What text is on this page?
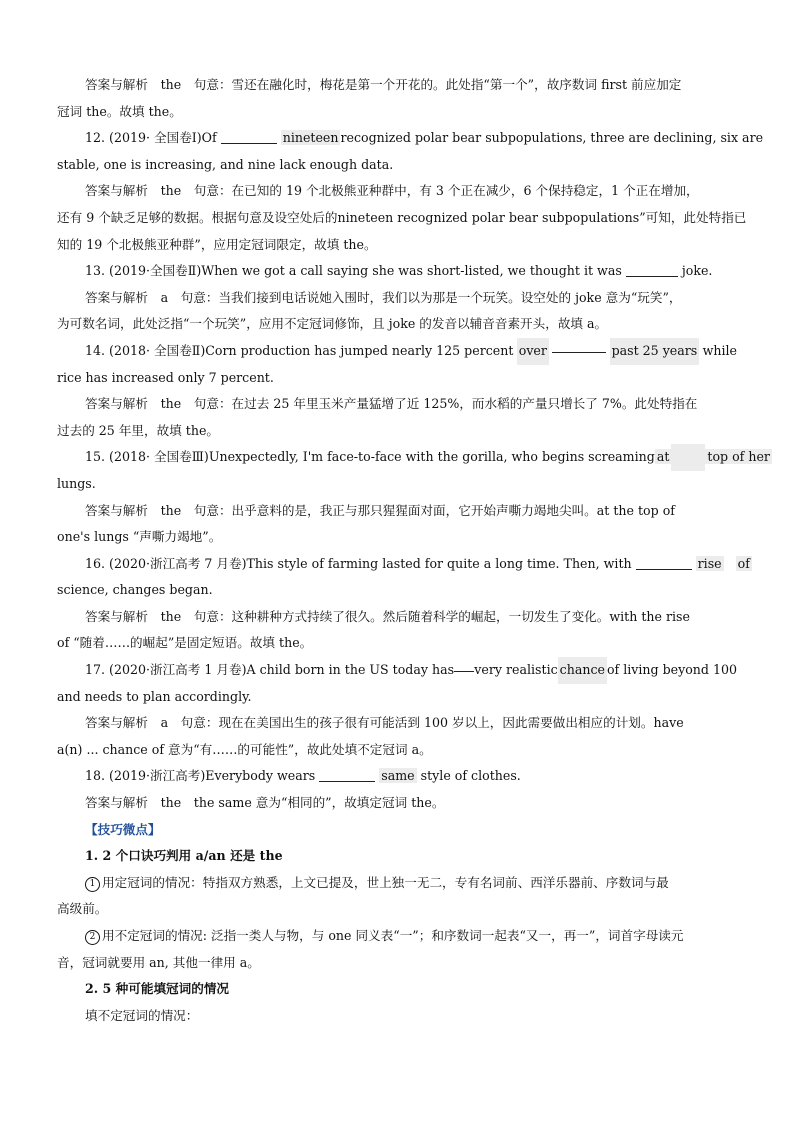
答案与解析　the　句意：雪还在融化时，梅花是第一个开花的。此处指“第一个”，故序数词 first 前应加定
冠词 the。故填 the。
12. (2019· 全国卷Ⅰ)Of	nineteen recognized polar bear subpopulations, three are declining, six are
stable, one is increasing, and nine lack enough data.
答案与解析　the　句意：在已知的 19 个北极熊亚种群中，有 3 个正在减少，6 个保持稳定，1 个正在增加，
还有 9 个缺乏足够的数据。根据句意及设空处后的nineteen recognized polar bear subpopulations”可知，此处特指已
知的 19 个北极熊亚种群”，应用定冠词限定，故填 the。
13. (2019·全国卷Ⅱ)When we got a call saying she was short-listed, we thought it was	joke.
答案与解析　a　句意：当我们接到电话说她入围时，我们以为那是一个玩笑。设空处的 joke 意为“玩笑”，
为可数名词，此处泛指“一个玩笑”，应用不定冠词修饰，且 joke 的发音以辅音音素开头，故填 a。
14. (2018· 全国卷Ⅱ)Corn production has jumped nearly 125 percent over	past 25 years while
rice has increased only 7 percent.
答案与解析　the　句意：在过去 25 年里玉米产量猛增了近 125%，而水稻的产量只增长了 7%。此处特指在
过去的 25 年里，故填 the。
15. (2018· 全国卷Ⅲ)Unexpectedly, I'm face-to-face with the gorilla, who begins screaming at	top of her
lungs.
答案与解析　the　句意：出乎意料的是，我正与那只猩猩面对面，它开始声嘶力竭地尖叫。at the top of
one's lungs “声嘶力竭地”。
16. (2020·浙江高考 7 月卷)This style of farming lasted for quite a long time. Then, with	rise of
science, changes began.
答案与解析　the　句意：这种耕种方式持续了很久。然后随着科学的崛起，一切发生了变化。with the rise
of “随着……的崛起”是固定短语。故填 the。
17. (2020·浙江高考 1 月卷)A child born in the US today has very realistic chance of living beyond 100
and needs to plan accordingly.
答案与解析　a　句意：现在在美国出生的孩子很有可能活到 100 岁以上，因此需要做出相应的计划。have
a(n) ... chance of 意为“有……的可能性”，故此处填不定冠词 a。
18. (2019·浙江高考)Everybody wears	same style of clothes.
答案与解析　the　the same 意为“相同的”，故填定冠词 the。
【技巧微点】
1. 2 个口诀巧判用 a/an 还是 the
1 用定冠词的情况：特指双方熟悉，上文已提及，世上独一无二，专有名词前、西洋乐器前、序数词与最
高级前。
2 用不定冠词的情况: 泛指一类人与物，与 one 同义表“一”；和序数词一起表“又一，再一”，词首字母读元
音，冠词就要用 an, 其他一律用 a。
2. 5 种可能填冠词的情况
填不定冠词的情况：
